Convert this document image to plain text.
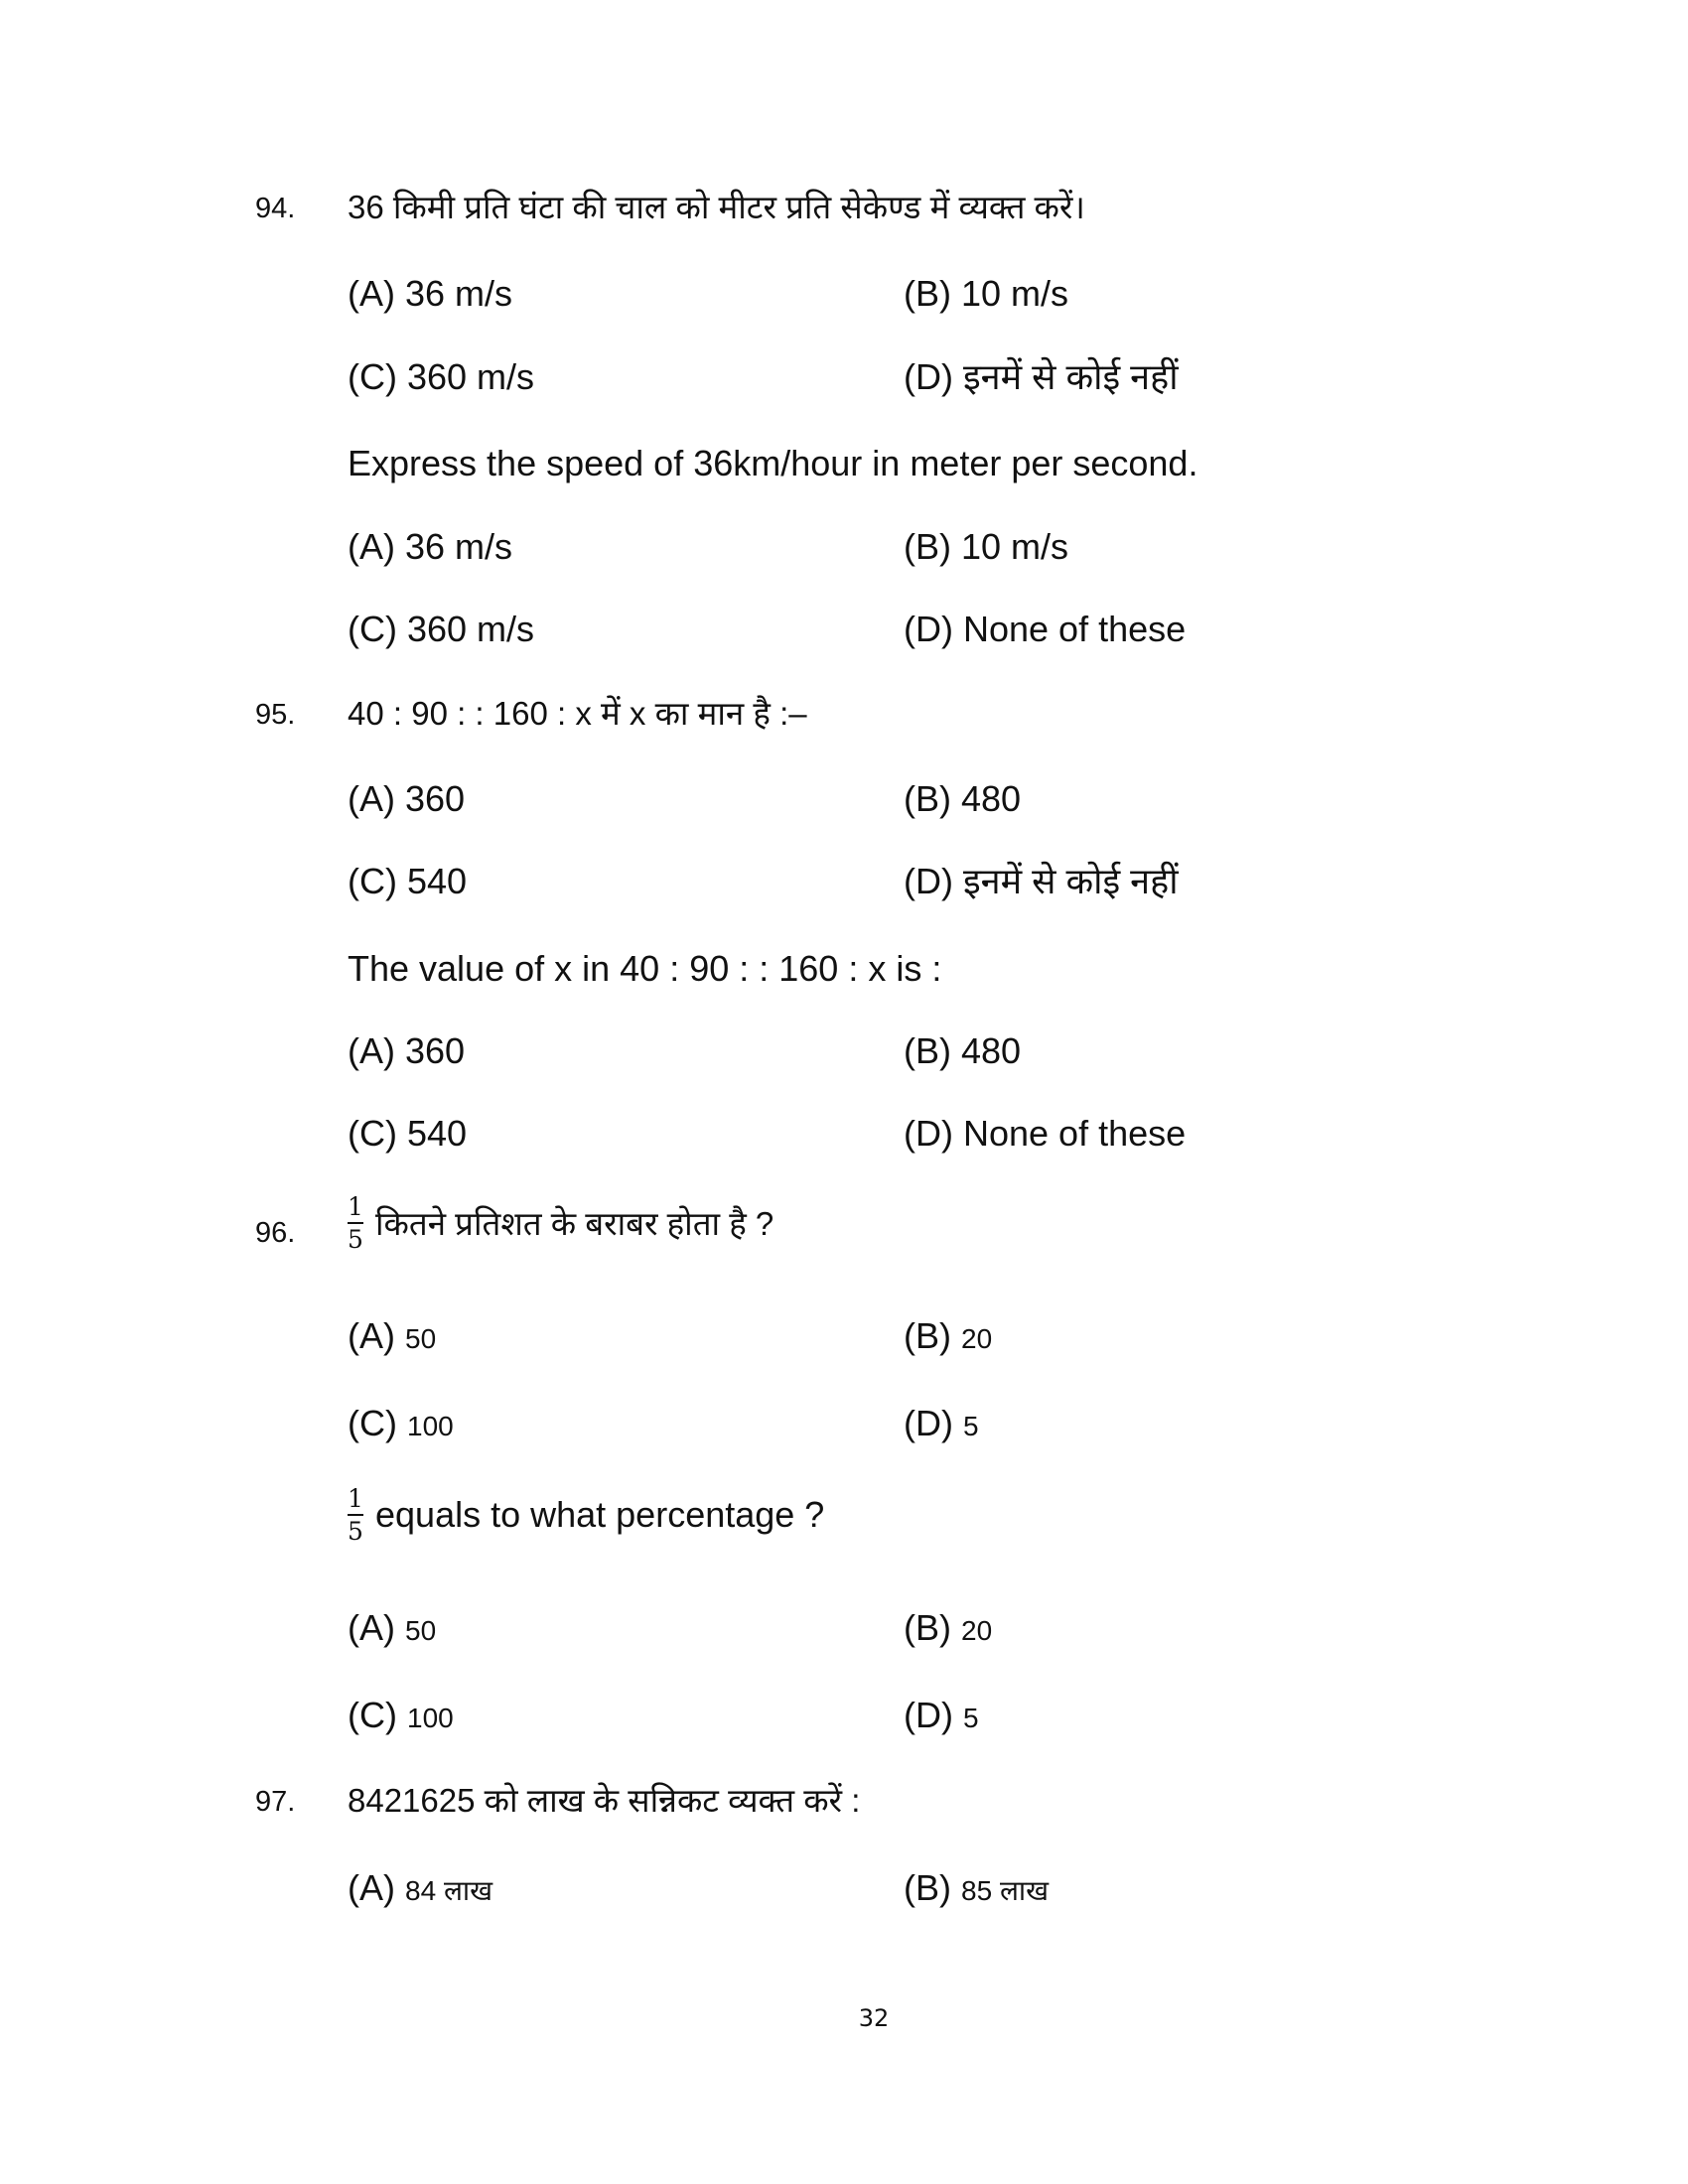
94. 36 किमी प्रति घंटा की चाल को मीटर प्रति सेकेण्ड में व्यक्त करें।
(A) 36 m/s	(B) 10 m/s
(C) 360 m/s	(D) इनमें से कोई नहीं
Express the speed of 36km/hour in meter per second.
(A) 36 m/s	(B) 10 m/s
(C) 360 m/s	(D) None of these
95. 40 : 90 : : 160 : x में x का मान है :–
(A) 360	(B) 480
(C) 540	(D) इनमें से कोई नहीं
The value of x in 40 : 90 : : 160 : x is :
(A) 360	(B) 480
(C) 540	(D) None of these
96. $\frac{1}{5}$ कितने प्रतिशत के बराबर होता है ?
(A) 50	(B) 20
(C) 100	(D) 5
$\frac{1}{5}$ equals to what percentage ?
(A) 50	(B) 20
(C) 100	(D) 5
97. 8421625 को लाख के सन्निकट व्यक्त करें :
(A) 84 लाख	(B) 85 लाख
32
